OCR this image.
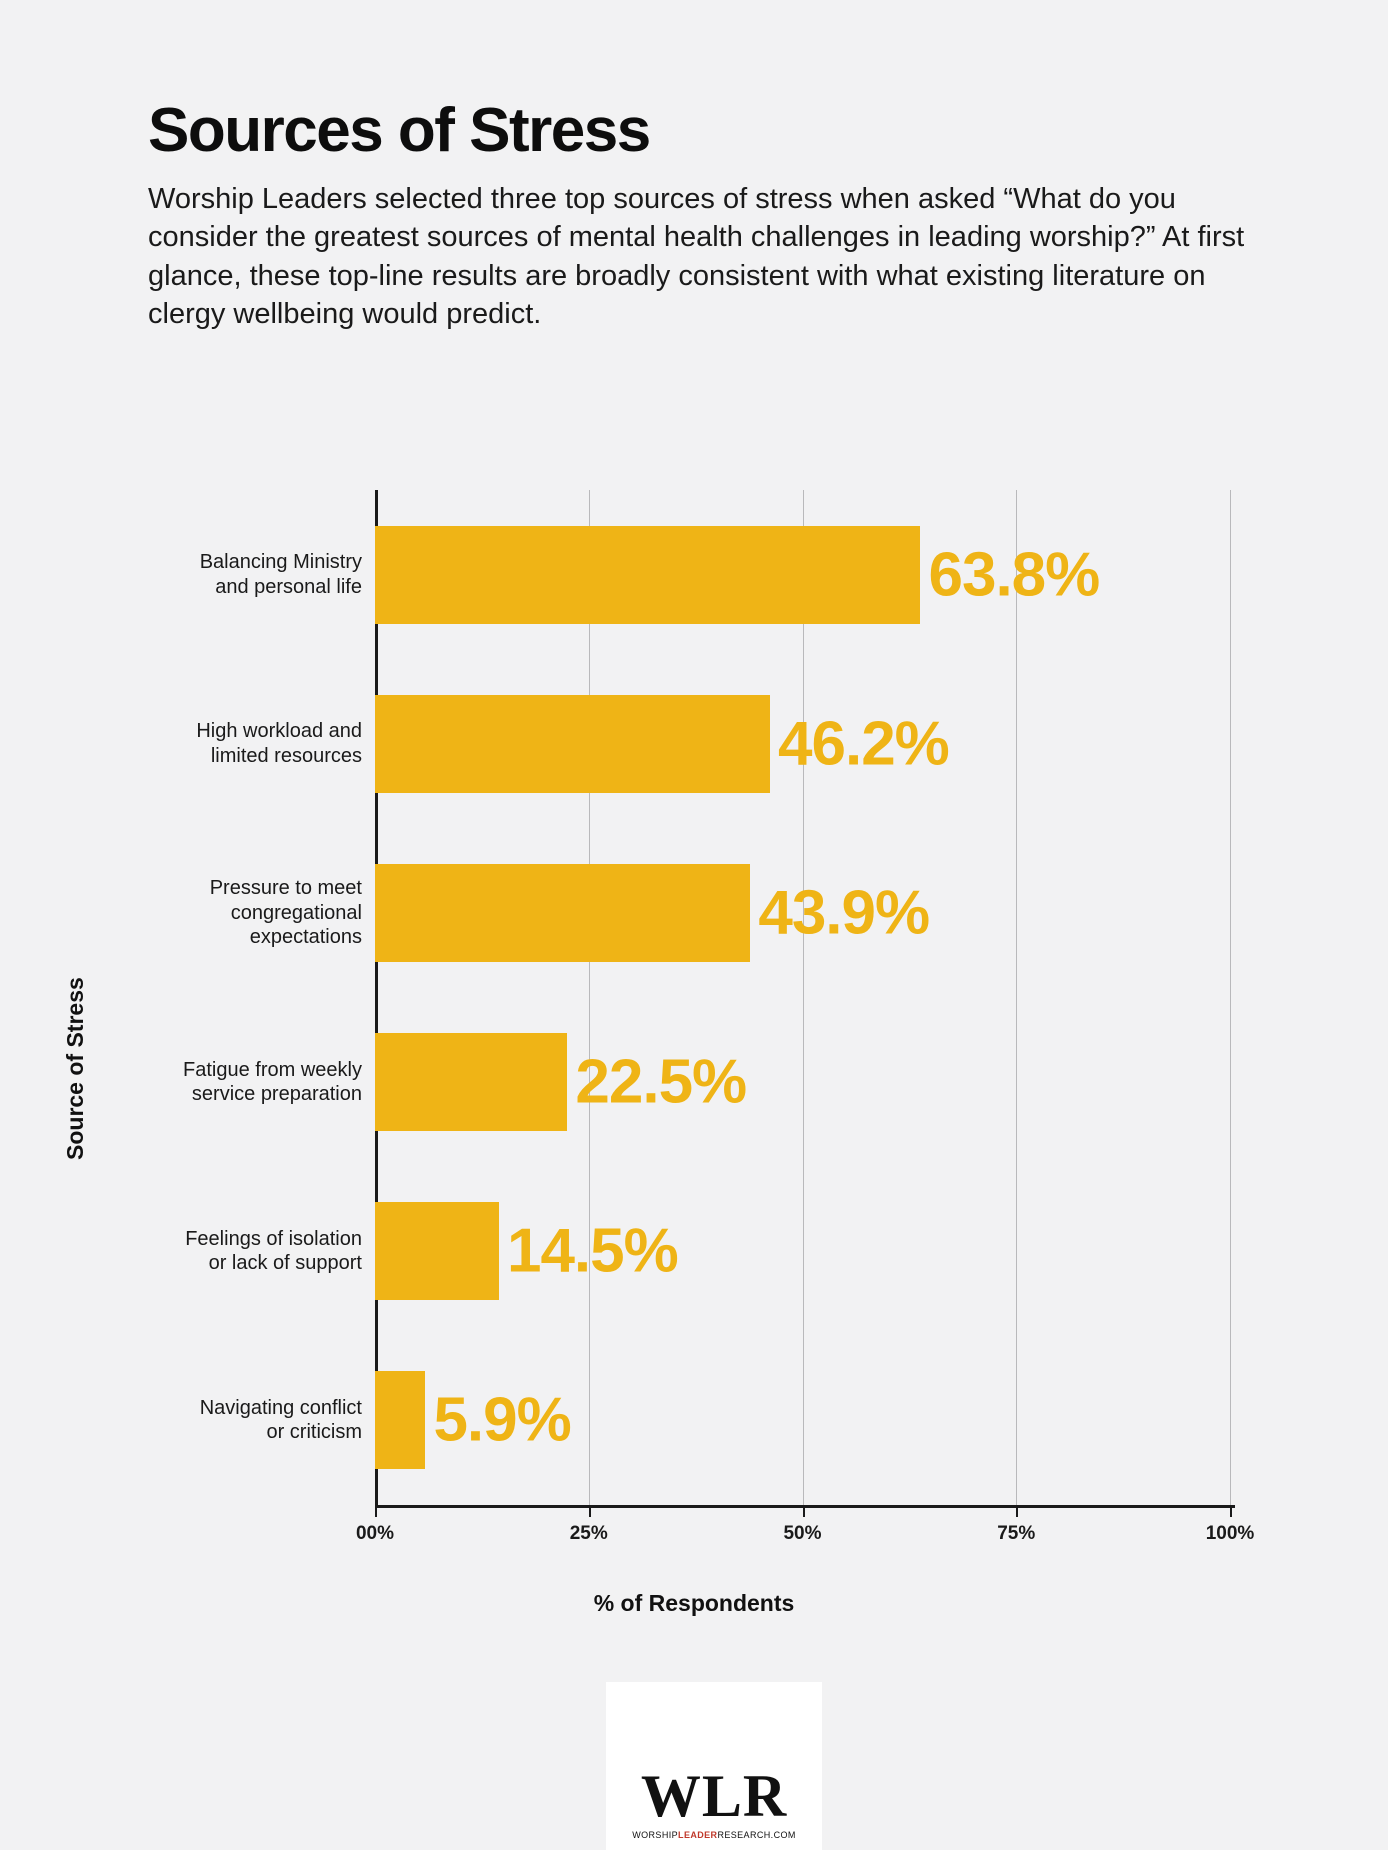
Sources of Stress

Worship Leaders selected three top sources of stress when asked “What do you consider the greatest sources of mental health challenges in leading worship?” At first glance, these top-line results are broadly consistent with what existing literature on clergy wellbeing would predict.

00%	25%	50%	75%	100%
63.8%
46.2%
43.9%
22.5%
14.5%
5.9%
Source of Stress
% of Respondents
WLR
WORSHIPLEADERRESEARCH.COM
Balancing Ministry
and personal life
High workload and
limited resources
Pressure to meet
congregational
expectations
Fatigue from weekly
service preparation
Feelings of isolation
or lack of support
Navigating conflict
or criticism
